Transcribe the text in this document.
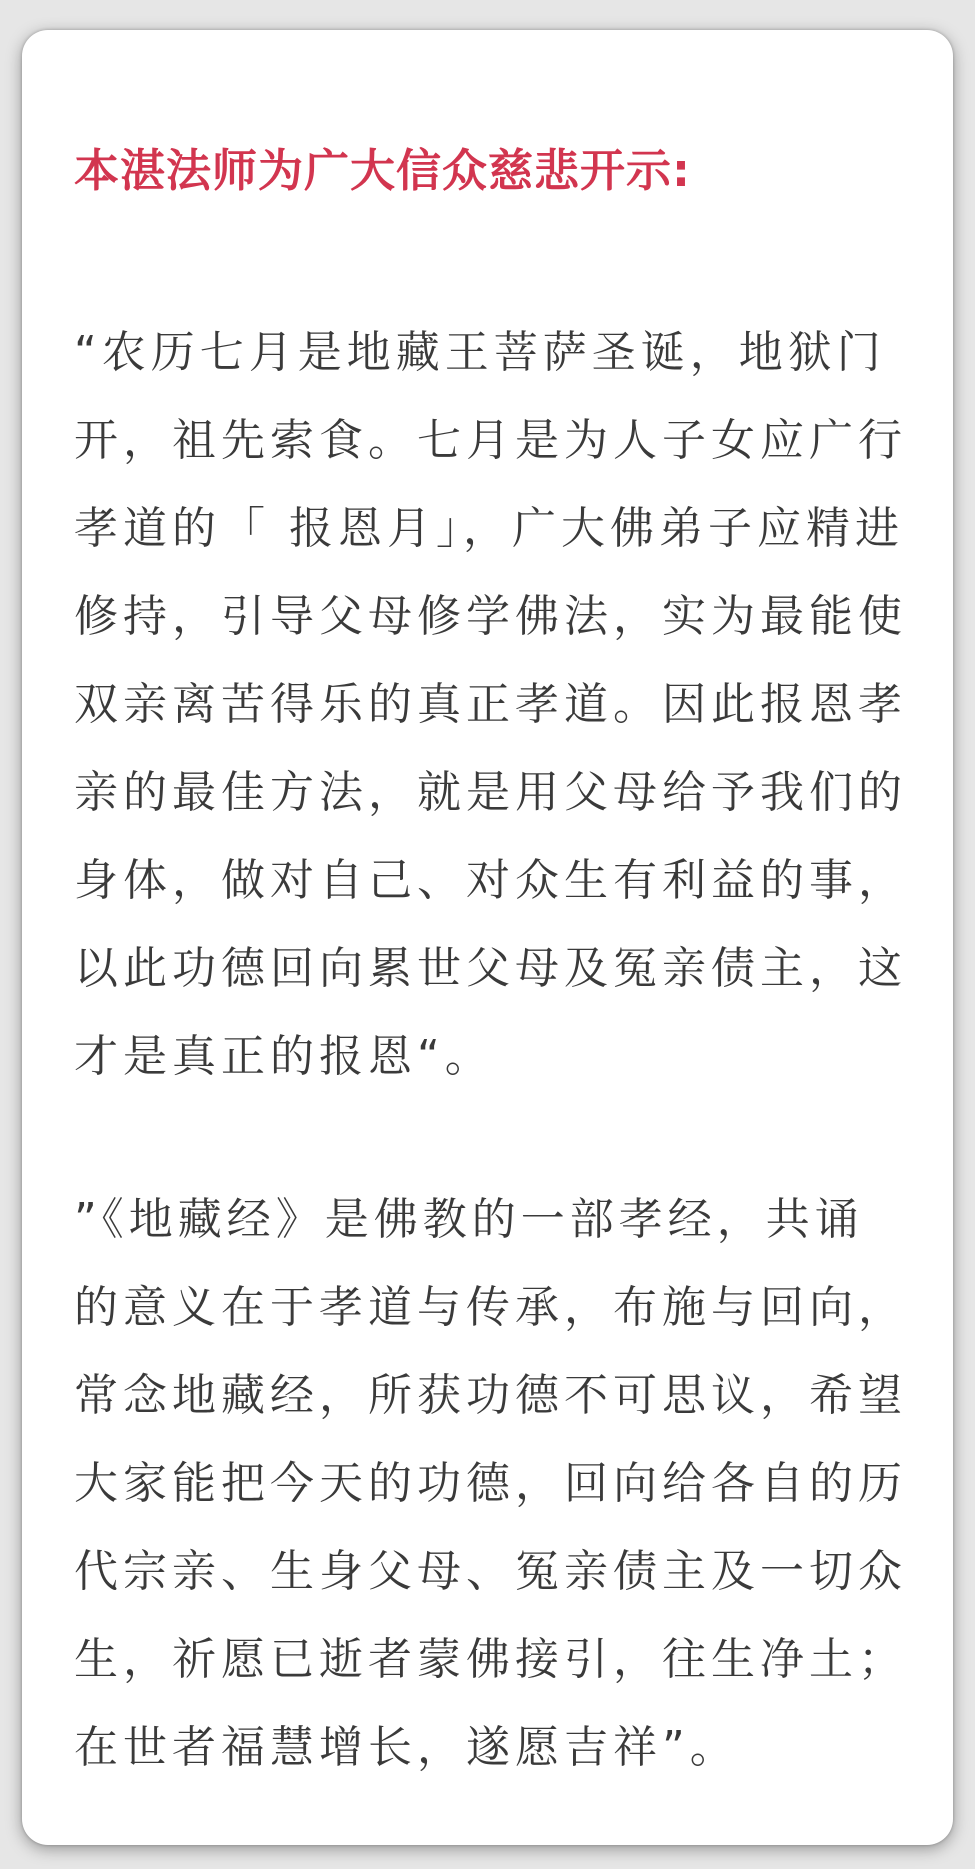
本湛法师为广大信众慈悲开示:

“农历七月是地藏王菩萨圣诞，地狱门
开，祖先索食。七月是为人子女应广行
孝道的「 报恩月」，广大佛弟子应精进
修持，引导父母修学佛法，实为最能使
双亲离苦得乐的真正孝道。因此报恩孝
亲的最佳方法，就是用父母给予我们的
身体，做对自己、对众生有利益的事，
以此功德回向累世父母及冤亲债主，这
才是真正的报恩“。

”《地藏经》是佛教的一部孝经，共诵
的意义在于孝道与传承，布施与回向，
常念地藏经，所获功德不可思议，希望
大家能把今天的功德，回向给各自的历
代宗亲、生身父母、冤亲债主及一切众
生，祈愿已逝者蒙佛接引，往生净土；
在世者福慧增长，遂愿吉祥”。
